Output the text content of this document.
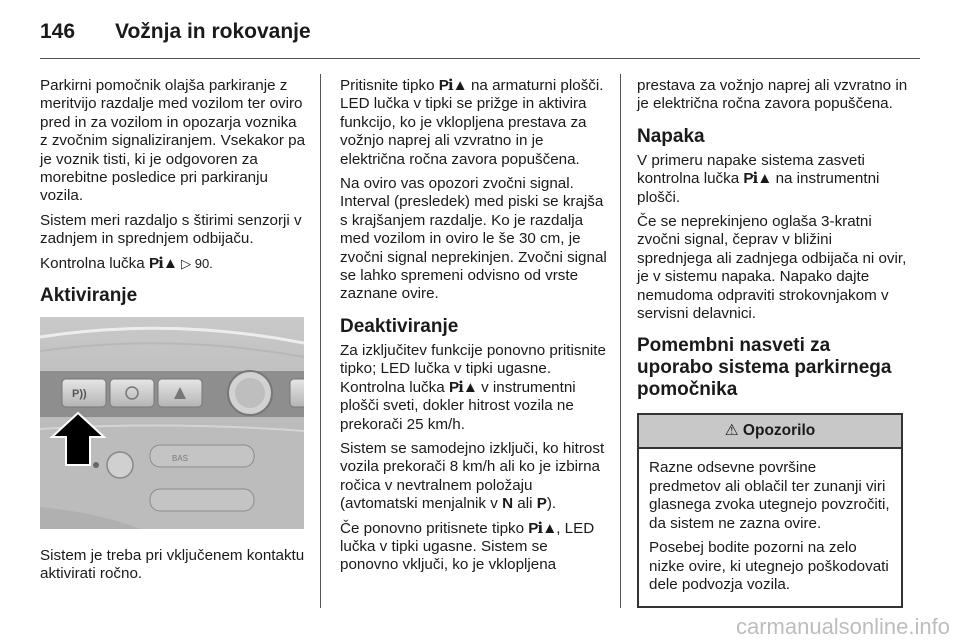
146	Vožnja in rokovanje

Parkirni pomočnik olajša parkiranje z meritvijo razdalje med vozilom ter oviro pred in za vozilom in opozarja voznika z zvočnim signaliziranjem. Vsekakor pa je voznik tisti, ki je odgovoren za morebitne posledice pri parkiranju vozila.

Sistem meri razdaljo s štirimi senzorji v zadnjem in sprednjem odbijaču.

Kontrolna lučka Pℹ▲ ▷ 90.

Aktiviranje
P))
BAS

Sistem je treba pri vključenem kontaktu aktivirati ročno.

Pritisnite tipko Pℹ▲ na armaturni plošči. LED lučka v tipki se prižge in aktivira funkcijo, ko je vklopljena prestava za vožnjo naprej ali vzvratno in je električna ročna zavora popuščena.

Na oviro vas opozori zvočni signal. Interval (presledek) med piski se krajša s krajšanjem razdalje. Ko je razdalja med vozilom in oviro le še 30 cm, je zvočni signal neprekinjen. Zvočni signal se lahko spremeni odvisno od vrste zaznane ovire.

Deaktiviranje

Za izključitev funkcije ponovno pritisnite tipko; LED lučka v tipki ugasne. Kontrolna lučka Pℹ▲ v instrumentni plošči sveti, dokler hitrost vozila ne prekorači 25 km/h.

Sistem se samodejno izključi, ko hitrost vozila prekorači 8 km/h ali ko je izbirna ročica v nevtralnem položaju (avtomatski menjalnik v N ali P).

Če ponovno pritisnete tipko Pℹ▲, LED lučka v tipki ugasne. Sistem se ponovno vključi, ko je vklopljena

prestava za vožnjo naprej ali vzvratno in je električna ročna zavora popuščena.

Napaka

V primeru napake sistema zasveti kontrolna lučka Pℹ▲ na instrumentni plošči.

Če se neprekinjeno oglaša 3-kratni zvočni signal, čeprav v bližini sprednjega ali zadnjega odbijača ni ovir, je v sistemu napaka. Napako dajte nemudoma odpraviti strokovnjakom v servisni delavnici.

Pomembni nasveti za uporabo sistema parkirnega pomočnika
⚠ Opozorilo

Razne odsevne površine predmetov ali oblačil ter zunanji viri glasnega zvoka utegnejo povzročiti, da sistem ne zazna ovire.

Posebej bodite pozorni na zelo nizke ovire, ki utegnejo poškodovati dele podvozja vozila.

carmanualsonline.info
